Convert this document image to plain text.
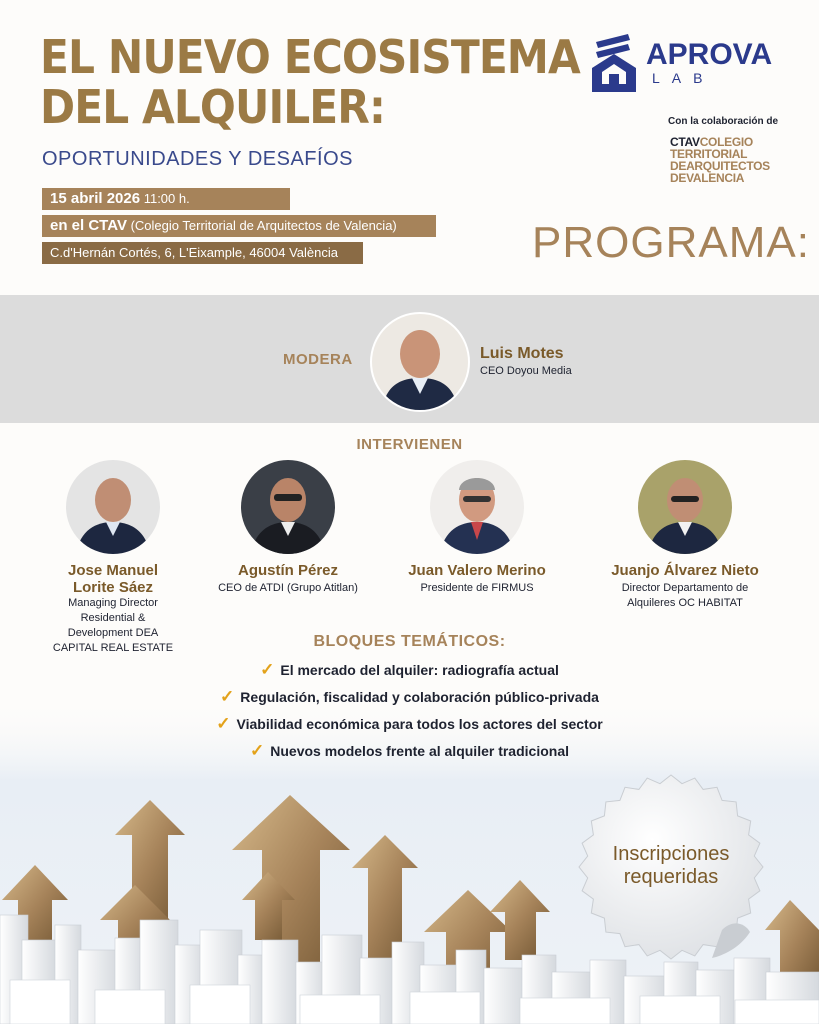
EL NUEVO ECOSISTEMA
DEL ALQUILER:
OPORTUNIDADES Y DESAFÍOS
15 abril 2026 11:00 h.
en el CTAV (Colegio Territorial de Arquitectos de Valencia)
C.d'Hernán Cortés, 6, L'Eixample, 46004 València
APROVA
LAB
Con la colaboración de
CTAVCOLEGIO
TERRITORIAL
DEARQUITECTOS
DEVALENCIA
PROGRAMA:
MODERA	Luis Motes
CEO Doyou Media
INTERVIENEN
Jose Manuel
Lorite Sáez
Managing Director
Residential &
Development DEA
CAPITAL REAL ESTATE
Agustín Pérez
CEO de ATDI (Grupo Atitlan)
Juan Valero Merino
Presidente de FIRMUS
Juanjo Álvarez Nieto
Director Departamento de
Alquileres OC HABITAT
BLOQUES TEMÁTICOS:
✓ El mercado del alquiler: radiografía actual
✓ Regulación, fiscalidad y colaboración público-privada
✓ Viabilidad económica para todos los actores del sector
✓ Nuevos modelos frente al alquiler tradicional
Inscripciones
requeridas
